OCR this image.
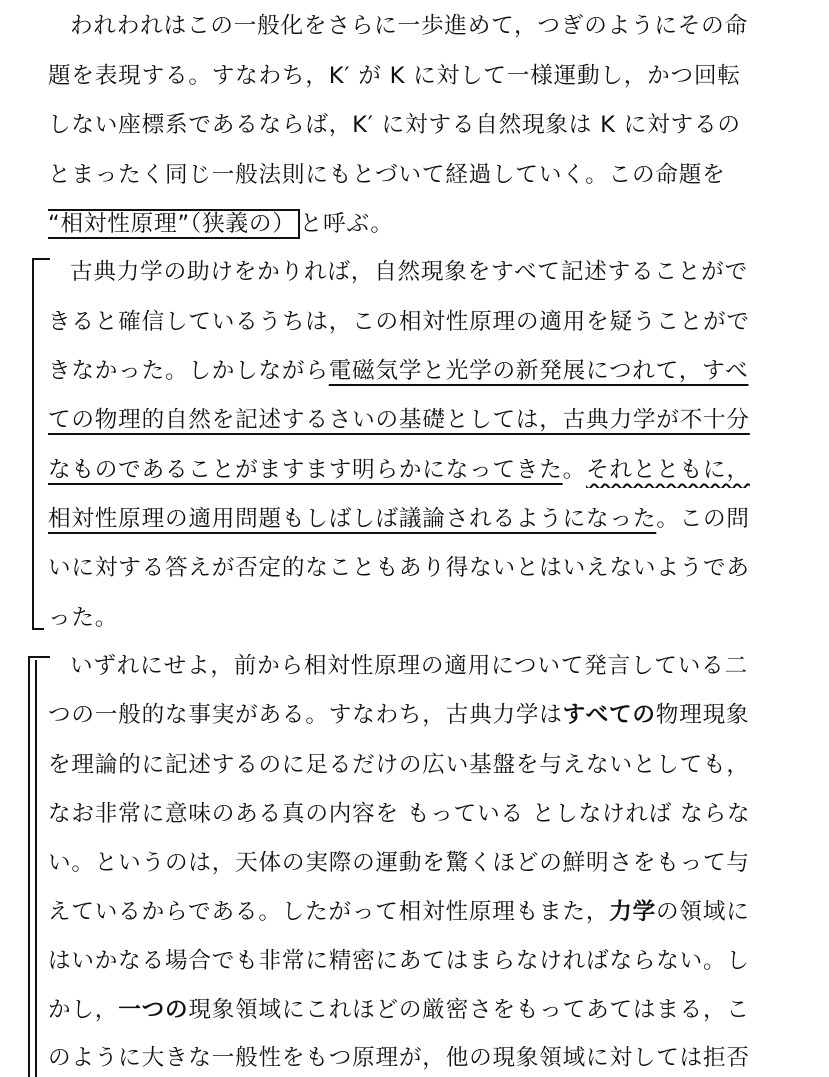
われわれはこの一般化をさらに一歩進めて，つぎのようにその命
題を表現する。すなわち，K′ が K に対して一様運動し，かつ回転
しない座標系であるならば，K′ に対する自然現象は K に対するの
とまったく同じ一般法則にもとづいて経過していく。この命題を
“相対性原理”（狭義の） と呼ぶ。
古典力学の助けをかりれば，自然現象をすべて記述することがで
きると確信しているうちは，この相対性原理の適用を疑うことがで
きなかった。しかしながら電磁気学と光学の新発展につれて，すべ
ての物理的自然を記述するさいの基礎としては，古典力学が不十分
なものであることがますます明らかになってきた。それとともに，
相対性原理の適用問題もしばしば議論されるようになった。この問
いに対する答えが否定的なこともあり得ないとはいえないようであ
った。
いずれにせよ，前から相対性原理の適用について発言している二
つの一般的な事実がある。すなわち，古典力学はすべての物理現象
を理論的に記述するのに足るだけの広い基盤を与えないとしても，
なお非常に意味のある真の内容を もっている としなければ ならな
い。というのは，天体の実際の運動を驚くほどの鮮明さをもって与
えているからである。したがって相対性原理もまた，力学の領域に
はいかなる場合でも非常に精密にあてはまらなければならない。し
かし，一つの現象領域にこれほどの厳密さをもってあてはまる，こ
のように大きな一般性をもつ原理が，他の現象領域に対しては拒否
